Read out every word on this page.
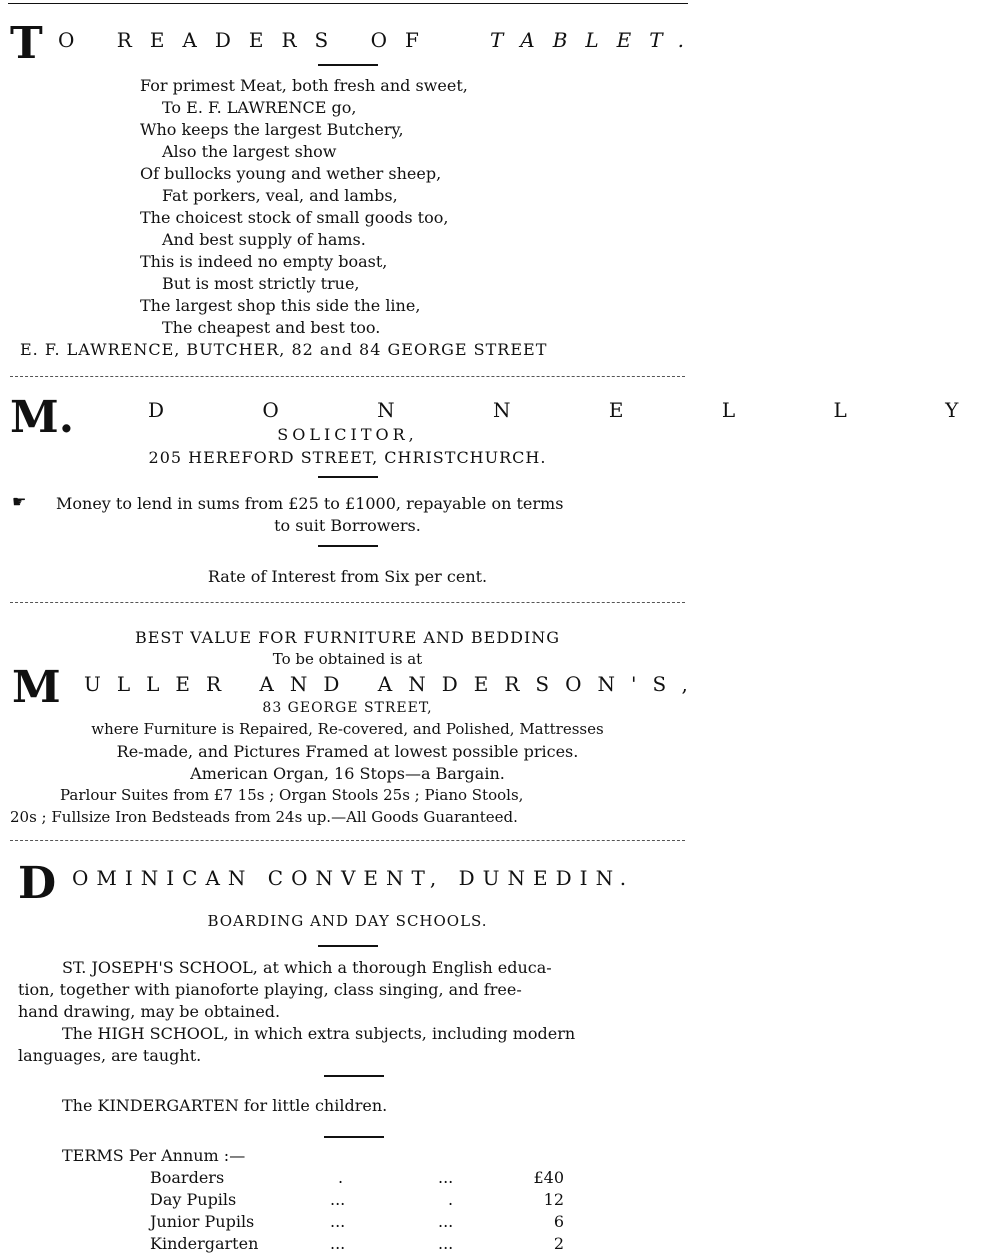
T O READERS OF	TABLET.
For primest Meat, both fresh and sweet,
To E. F. LAWRENCE go,
Who keeps the largest Butchery,
Also the largest show
Of bullocks young and wether sheep,
Fat porkers, veal, and lambs,
The choicest stock of small goods too,
And best supply of hams.
This is indeed no empty boast,
But is most strictly true,
The largest shop this side the line,
The cheapest and best too.
E. F. LAWRENCE, BUTCHER, 82 and 84 GEORGE STREET
M.	D O N N E L L Y
SOLICITOR,
205 HEREFORD STREET, CHRISTCHURCH.
☛ Money to lend in sums from £25 to £1000, repayable on terms
to suit Borrowers.
Rate of Interest from Six per cent.
BEST VALUE FOR FURNITURE AND BEDDING
To be obtained is at
M ULLER AND ANDERSON'S,
83 GEORGE STREET,
where Furniture is Repaired, Re-covered, and Polished, Mattresses
Re-made, and Pictures Framed at lowest possible prices.
American Organ, 16 Stops—a Bargain.
Parlour Suites from £7 15s ; Organ Stools 25s ; Piano Stools,
20s ; Fullsize Iron Bedsteads from 24s up.—All Goods Guaranteed.
D OMINICAN CONVENT, DUNEDIN.
BOARDING AND DAY SCHOOLS.
ST. JOSEPH'S SCHOOL, at which a thorough English educa-
tion, together with pianoforte playing, class singing, and free-
hand drawing, may be obtained.
The HIGH SCHOOL, in which extra subjects, including modern
languages, are taught.
The KINDERGARTEN for little children.
TERMS Per Annum :—
Boarders	.	...	£40
Day Pupils	...	.	12
Junior Pupils	...	...	6
Kindergarten	...	...	2
